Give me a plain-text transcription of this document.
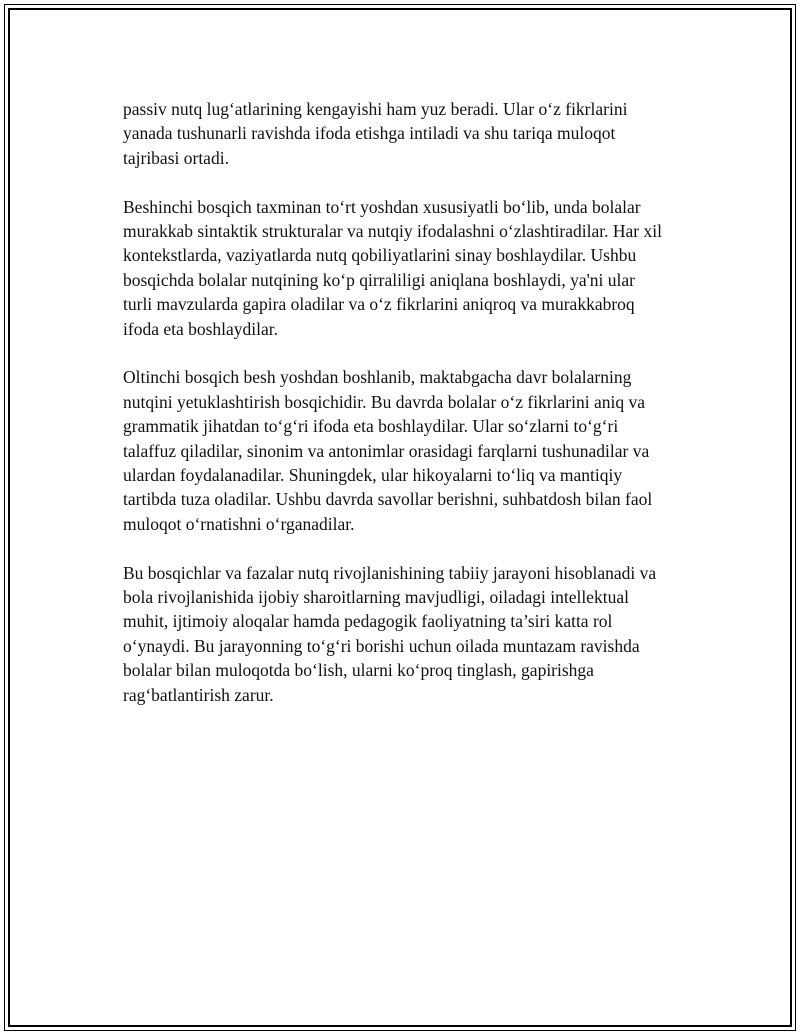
passiv nutq lug‘atlarining kengayishi ham yuz beradi. Ular o‘z fikrlarini
yanada tushunarli ravishda ifoda etishga intiladi va shu tariqa muloqot
tajribasi ortadi.

Beshinchi bosqich taxminan to‘rt yoshdan xususiyatli bo‘lib, unda bolalar
murakkab sintaktik strukturalar va nutqiy ifodalashni o‘zlashtiradilar. Har xil
kontekstlarda, vaziyatlarda nutq qobiliyatlarini sinay boshlaydilar. Ushbu
bosqichda bolalar nutqining ko‘p qirraliligi aniqlana boshlaydi, ya'ni ular
turli mavzularda gapira oladilar va o‘z fikrlarini aniqroq va murakkabroq
ifoda eta boshlaydilar.

Oltinchi bosqich besh yoshdan boshlanib, maktabgacha davr bolalarning
nutqini yetuklashtirish bosqichidir. Bu davrda bolalar o‘z fikrlarini aniq va
grammatik jihatdan to‘g‘ri ifoda eta boshlaydilar. Ular so‘zlarni to‘g‘ri
talaffuz qiladilar, sinonim va antonimlar orasidagi farqlarni tushunadilar va
ulardan foydalanadilar. Shuningdek, ular hikoyalarni to‘liq va mantiqiy
tartibda tuza oladilar. Ushbu davrda savollar berishni, suhbatdosh bilan faol
muloqot o‘rnatishni o‘rganadilar.

Bu bosqichlar va fazalar nutq rivojlanishining tabiiy jarayoni hisoblanadi va
bola rivojlanishida ijobiy sharoitlarning mavjudligi, oiladagi intellektual
muhit, ijtimoiy aloqalar hamda pedagogik faoliyatning ta’siri katta rol
o‘ynaydi. Bu jarayonning to‘g‘ri borishi uchun oilada muntazam ravishda
bolalar bilan muloqotda bo‘lish, ularni ko‘proq tinglash, gapirishga
rag‘batlantirish zarur.
